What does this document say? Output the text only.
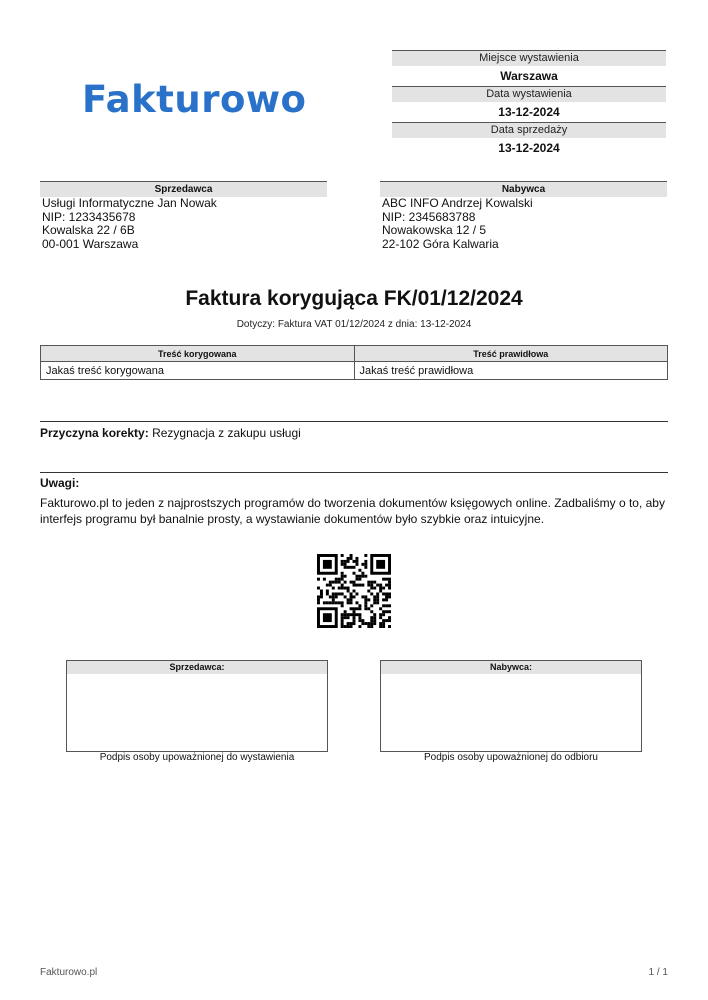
Fakturowo
Miejsce wystawienia
Warszawa
Data wystawienia
13-12-2024
Data sprzedaży
13-12-2024
Sprzedawca
Usługi Informatyczne Jan Nowak
NIP: 1233435678
Kowalska 22 / 6B
00-001 Warszawa
Nabywca
ABC INFO Andrzej Kowalski
NIP: 2345683788
Nowakowska 12 / 5
22-102 Góra Kalwaria
Faktura korygująca FK/01/12/2024
Dotyczy: Faktura VAT 01/12/2024 z dnia: 13-12-2024
Treść korygowana	Treść prawidłowa
Jakaś treść korygowana	Jakaś treść prawidłowa
Przyczyna korekty: Rezygnacja z zakupu usługi
Uwagi:
Fakturowo.pl to jeden z najprostszych programów do tworzenia dokumentów księgowych online. Zadbaliśmy o to, aby interfejs programu był banalnie prosty, a wystawianie dokumentów było szybkie oraz intuicyjne.
Sprzedawca:
Podpis osoby upoważnionej do wystawienia
Nabywca:
Podpis osoby upoważnionej do odbioru
Fakturowo.pl	1 / 1
